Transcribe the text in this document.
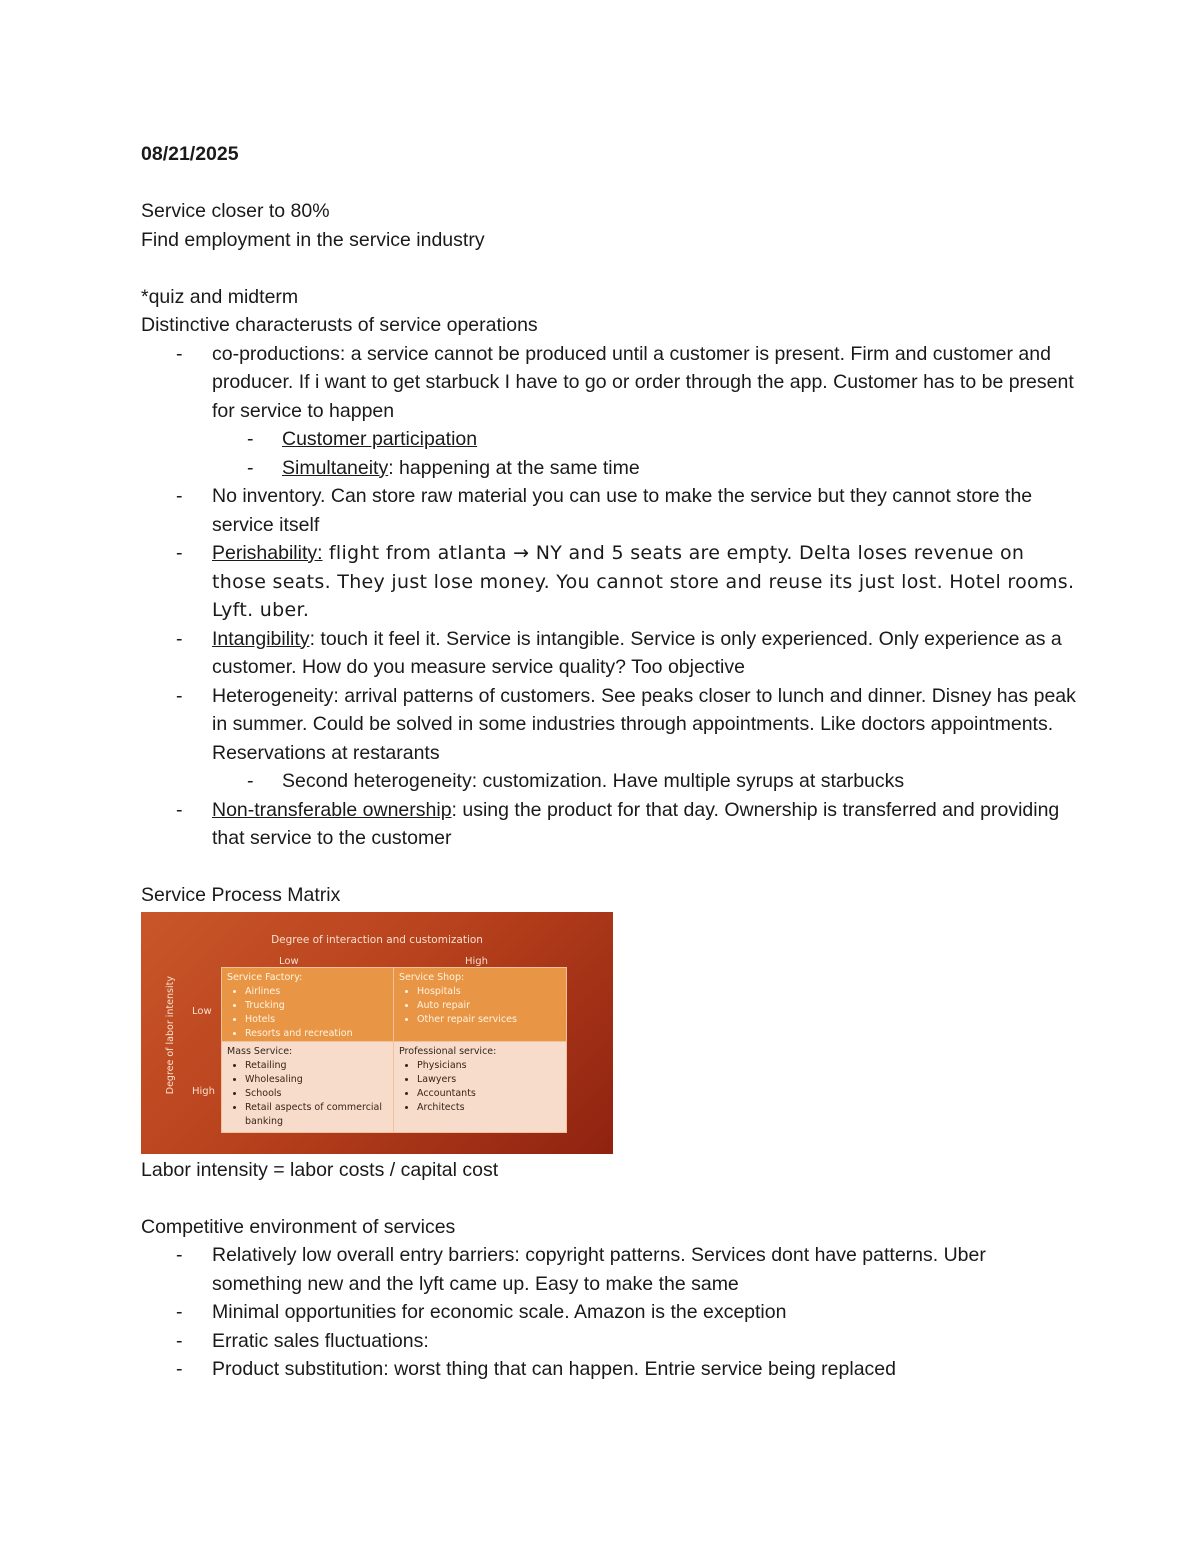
08/21/2025
Service closer to 80%
Find employment in the service industry
*quiz and midterm
Distinctive characterusts of service operations
- co-productions: a service cannot be produced until a customer is present. Firm and customer and producer. If i want to get starbuck I have to go or order through the app. Customer has to be present for service to happen
- Customer participation
- Simultaneity: happening at the same time
- No inventory. Can store raw material you can use to make the service but they cannot store the service itself
- Perishability: flight from atlanta → NY and 5 seats are empty. Delta loses revenue on those seats. They just lose money. You cannot store and reuse its just lost. Hotel rooms. Lyft. uber.
- Intangibility: touch it feel it. Service is intangible. Service is only experienced. Only experience as a customer. How do you measure service quality? Too objective
- Heterogeneity: arrival patterns of customers. See peaks closer to lunch and dinner. Disney has peak in summer. Could be solved in some industries through appointments. Like doctors appointments. Reservations at restarants
- Second heterogeneity: customization. Have multiple syrups at starbucks
- Non-transferable ownership: using the product for that day. Ownership is transferred and providing that service to the customer
Service Process Matrix
Degree of interaction and customization
Low	High
Degree of labor intensity	Low
High
Service Factory:
• Airlines
• Trucking
• Hotels
• Resorts and recreation
Service Shop:
• Hospitals
• Auto repair
• Other repair services
Mass Service:
• Retailing
• Wholesaling
• Schools
• Retail aspects of commercial banking
Professional service:
• Physicians
• Lawyers
• Accountants
• Architects
Labor intensity = labor costs / capital cost
Competitive environment of services
- Relatively low overall entry barriers: copyright patterns. Services dont have patterns. Uber something new and the lyft came up. Easy to make the same
- Minimal opportunities for economic scale. Amazon is the exception
- Erratic sales fluctuations:
- Product substitution: worst thing that can happen. Entrie service being replaced
